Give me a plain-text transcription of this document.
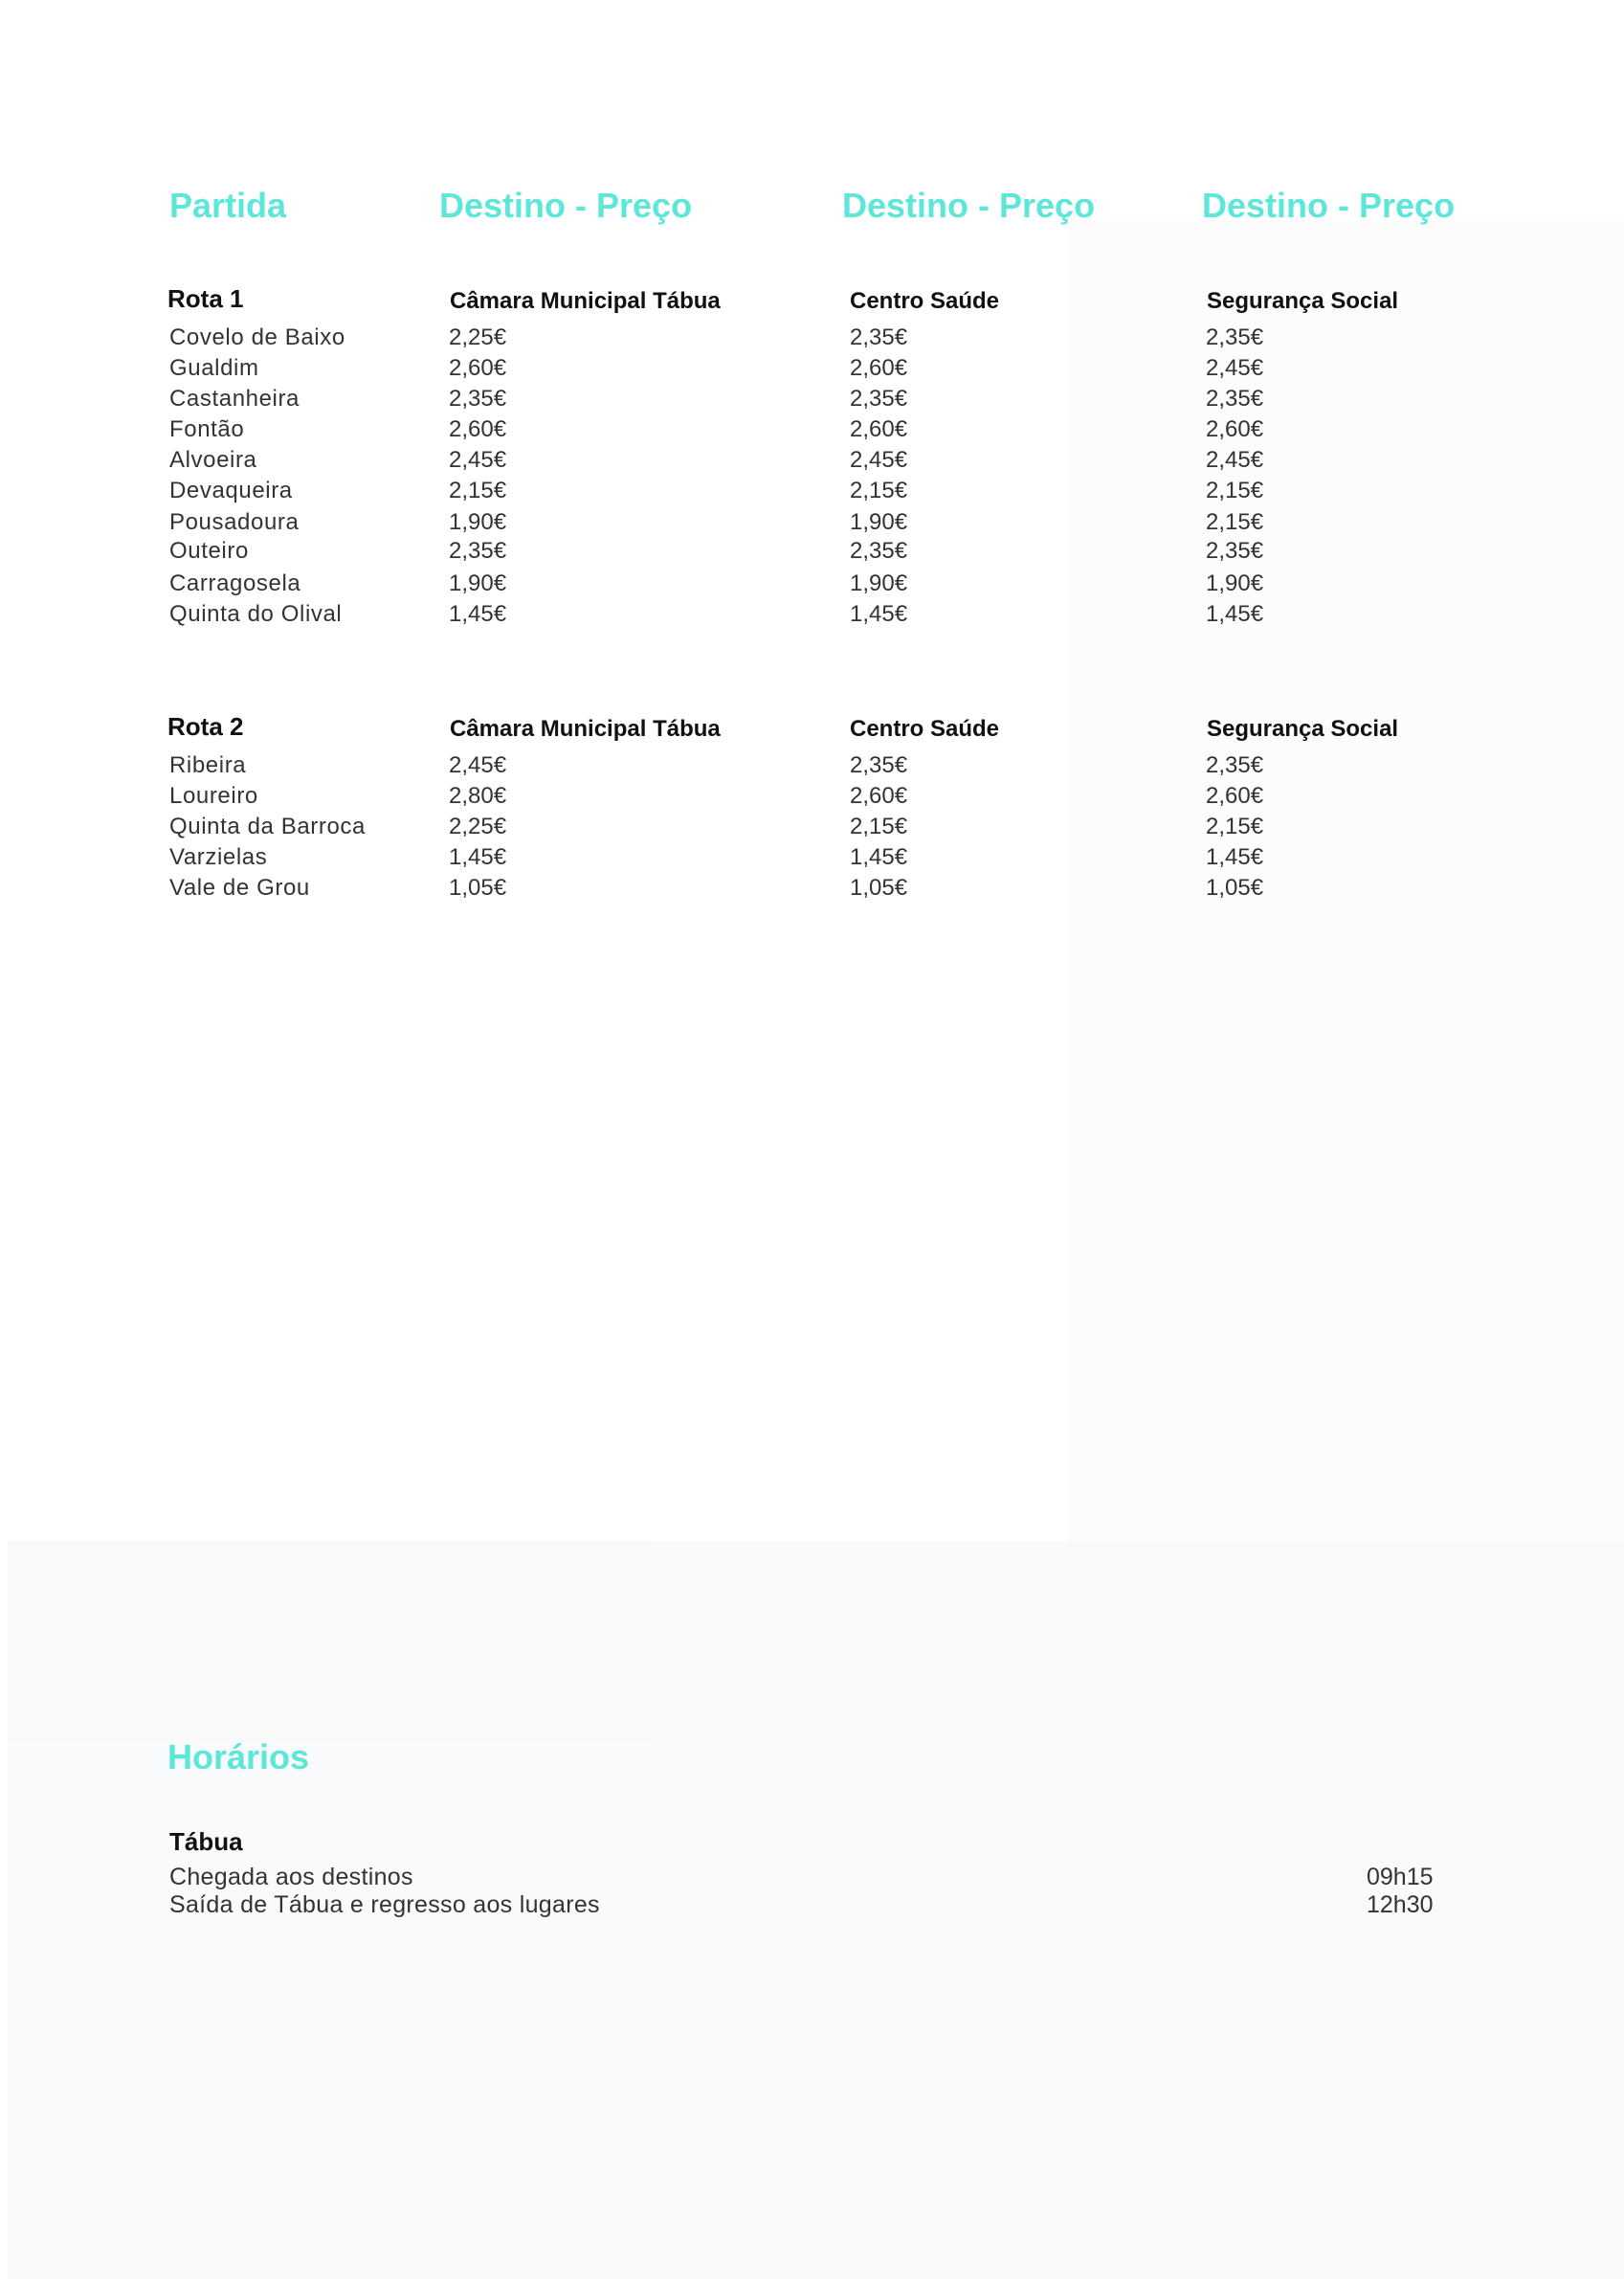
Partida	Destino - Preço	Destino - Preço	Destino - Preço
Rota 1	Câmara Municipal Tábua	Centro Saúde	Segurança Social
Covelo de Baixo	2,25€	2,35€	2,35€
Gualdim	2,60€	2,60€	2,45€
Castanheira	2,35€	2,35€	2,35€
Fontão	2,60€	2,60€	2,60€
Alvoeira	2,45€	2,45€	2,45€
Devaqueira	2,15€	2,15€	2,15€
Pousadoura	1,90€	1,90€	2,15€
Outeiro	2,35€	2,35€	2,35€
Carragosela	1,90€	1,90€	1,90€
Quinta do Olival	1,45€	1,45€	1,45€
Rota 2	Câmara Municipal Tábua	Centro Saúde	Segurança Social
Ribeira	2,45€	2,35€	2,35€
Loureiro	2,80€	2,60€	2,60€
Quinta da Barroca	2,25€	2,15€	2,15€
Varzielas	1,45€	1,45€	1,45€
Vale de Grou	1,05€	1,05€	1,05€
Horários
Tábua
Chegada aos destinos	09h15
Saída de Tábua e regresso aos lugares	12h30
